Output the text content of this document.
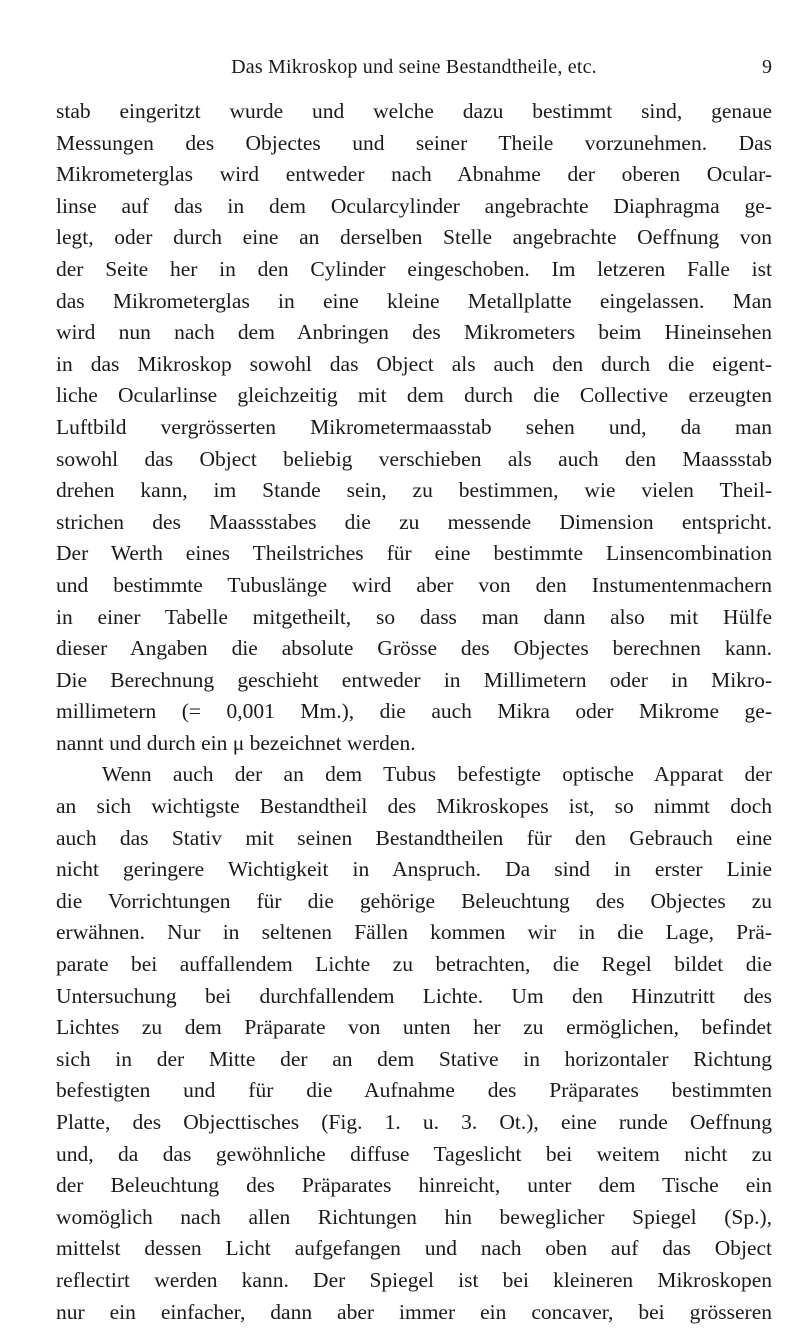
Das Mikroskop und seine Bestandtheile, etc.	9
stab eingeritzt wurde und welche dazu bestimmt sind, genaue
Messungen des Objectes und seiner Theile vorzunehmen. Das
Mikrometerglas wird entweder nach Abnahme der oberen Ocular-
linse auf das in dem Ocularcylinder angebrachte Diaphragma ge-
legt, oder durch eine an derselben Stelle angebrachte Oeffnung von
der Seite her in den Cylinder eingeschoben. Im letzeren Falle ist
das Mikrometerglas in eine kleine Metallplatte eingelassen. Man
wird nun nach dem Anbringen des Mikrometers beim Hineinsehen
in das Mikroskop sowohl das Object als auch den durch die eigent-
liche Ocularlinse gleichzeitig mit dem durch die Collective erzeugten
Luftbild vergrösserten Mikrometermaasstab sehen und, da man
sowohl das Object beliebig verschieben als auch den Maassstab
drehen kann, im Stande sein, zu bestimmen, wie vielen Theil-
strichen des Maassstabes die zu messende Dimension entspricht.
Der Werth eines Theilstriches für eine bestimmte Linsencombination
und bestimmte Tubuslänge wird aber von den Instumentenmachern
in einer Tabelle mitgetheilt, so dass man dann also mit Hülfe
dieser Angaben die absolute Grösse des Objectes berechnen kann.
Die Berechnung geschieht entweder in Millimetern oder in Mikro-
millimetern (= 0,001 Mm.), die auch Mikra oder Mikrome ge-
nannt und durch ein μ bezeichnet werden.
Wenn auch der an dem Tubus befestigte optische Apparat der
an sich wichtigste Bestandtheil des Mikroskopes ist, so nimmt doch
auch das Stativ mit seinen Bestandtheilen für den Gebrauch eine
nicht geringere Wichtigkeit in Anspruch. Da sind in erster Linie
die Vorrichtungen für die gehörige Beleuchtung des Objectes zu
erwähnen. Nur in seltenen Fällen kommen wir in die Lage, Prä-
parate bei auffallendem Lichte zu betrachten, die Regel bildet die
Untersuchung bei durchfallendem Lichte. Um den Hinzutritt des
Lichtes zu dem Präparate von unten her zu ermöglichen, befindet
sich in der Mitte der an dem Stative in horizontaler Richtung
befestigten und für die Aufnahme des Präparates bestimmten
Platte, des Objecttisches (Fig. 1. u. 3. Ot.), eine runde Oeffnung
und, da das gewöhnliche diffuse Tageslicht bei weitem nicht zu
der Beleuchtung des Präparates hinreicht, unter dem Tische ein
womöglich nach allen Richtungen hin beweglicher Spiegel (Sp.),
mittelst dessen Licht aufgefangen und nach oben auf das Object
reflectirt werden kann. Der Spiegel ist bei kleineren Mikroskopen
nur ein einfacher, dann aber immer ein concaver, bei grösseren
